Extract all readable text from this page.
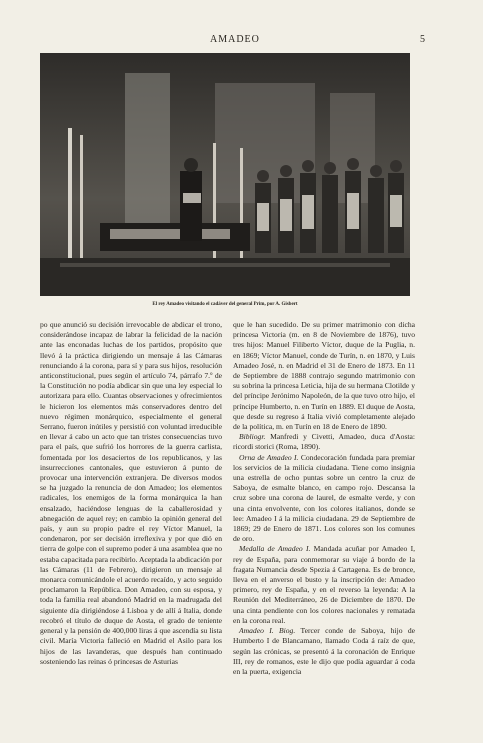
AMADEO	5
El rey Amadeo visitando el cadáver del general Prim, por A. Gisbert

po que anunció su decisión irrevocable de abdicar el trono, considerándose incapaz de labrar la felicidad de la nación ante las enconadas luchas de los partidos, propósito que llevó á la práctica dirigiendo un mensaje á las Cámaras renunciando á la corona, para sí y para sus hijos, resolución anticonstitucional, pues según el artículo 74, párrafo 7.º de la Constitución no podía abdicar sin que una ley especial lo autorizara para ello. Cuantas observaciones y ofrecimientos le hicieron los elementos más conservadores dentro del nuevo régimen monárquico, especialmente el general Serrano, fueron inútiles y persistió con voluntad irreducible en llevar á cabo un acto que tan tristes consecuencias tuvo para el país, que sufrió los horrores de la guerra carlista, fomentada por los desaciertos de los republicanos, y las insurrecciones cantonales, que estuvieron á punto de provocar una intervención extranjera. De diversos modos se ha juzgado la renuncia de don Amadeo; los elementos radicales, los enemigos de la forma monárquica la han ensalzado, haciéndose lenguas de la caballerosidad y abnegación de aquel rey; en cambio la opinión general del país, y aun su propio padre el rey Víctor Manuel, la condenaron, por ser decisión irreflexiva y por que dió en tierra de golpe con el supremo poder á una asamblea que no estaba capacitada para recibirlo. Aceptada la abdicación por las Cámaras (11 de Febrero), dirigieron un mensaje al monarca comunicándole el acuerdo recaído, y acto seguido proclamaron la República. Don Amadeo, con su esposa, y toda la familia real abandonó Madrid en la madrugada del siguiente día dirigiéndose á Lisboa y de allí á Italia, donde recobró el título de duque de Aosta, el grado de teniente general y la pensión de 400,000 liras á que ascendía su lista civil. María Victoria falleció en Madrid el Asilo para los hijos de las lavanderas, que después han continuado sosteniendo las reinas ó princesas de Asturias

que le han sucedido. De su primer matrimonio con dicha princesa Victoria (m. en 8 de Noviembre de 1876), tuvo tres hijos: Manuel Filiberto Víctor, duque de la Puglia, n. en 1869; Víctor Manuel, conde de Turín, n. en 1870, y Luis Amadeo José, n. en Madrid el 31 de Enero de 1873. En 11 de Septiembre de 1888 contrajo segundo matrimonio con su sobrina la princesa Leticia, hija de su hermana Clotilde y del príncipe Jerónimo Napoleón, de la que tuvo otro hijo, el príncipe Humberto, n. en Turín en 1889. El duque de Aosta, que desde su regreso á Italia vivió completamente alejado de la política, m. en Turín en 18 de Enero de 1890.

Bibliogr. Manfredi y Civetti, Amadeo, duca d'Aosta: ricordi storici (Roma, 1890).

Orna de Amadeo I. Condecoración fundada para premiar los servicios de la milicia ciudadana. Tiene como insignia una estrella de ocho puntas sobre un centro la cruz de Saboya, de esmalte blanco, en campo rojo. Descansa la cruz sobre una corona de laurel, de esmalte verde, y con una cinta envolvente, con los colores italianos, donde se lee: Amadeo I á la milicia ciudadana. 29 de Septiembre de 1869; 29 de Enero de 1871. Los colores son los comunes de oro.

Medalla de Amadeo I. Mandada acuñar por Amadeo I, rey de España, para conmemorar su viaje á bordo de la fragata Numancia desde Spezia á Cartagena. Es de bronce, lleva en el anverso el busto y la inscripción de: Amadeo primero, rey de España, y en el reverso la leyenda: A la Reunión del Mediterráneo, 26 de Diciembre de 1870. De una cinta pendiente con los colores nacionales y rematada en la corona real.

Amadeo I. Biog. Tercer conde de Saboya, hijo de Humberto I de Blancamano, llamado Coda á raíz de que, según las crónicas, se presentó á la coronación de Enrique III, rey de romanos, este le dijo que podía aguardar á coda en la puerta, exigencia
